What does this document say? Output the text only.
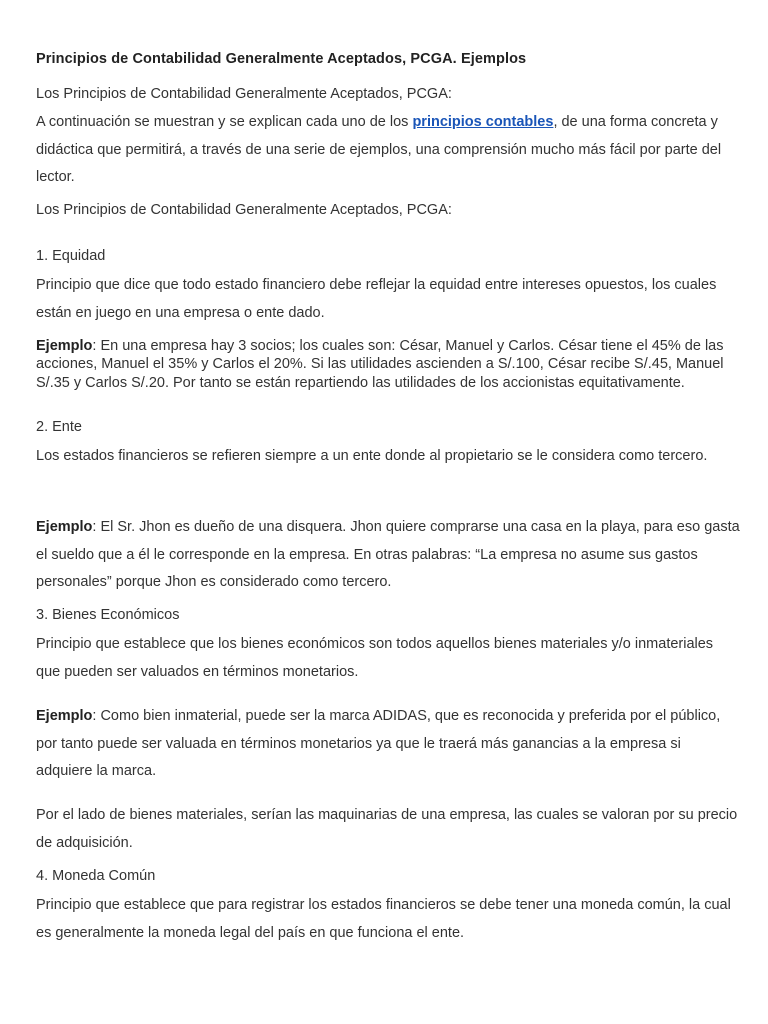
Principios de Contabilidad Generalmente Aceptados, PCGA. Ejemplos

Los Principios de Contabilidad Generalmente Aceptados, PCGA:

A continuación se muestran y se explican cada uno de los principios contables, de una forma concreta y didáctica que permitirá, a través de una serie de ejemplos, una comprensión mucho más fácil por parte del lector.

Los Principios de Contabilidad Generalmente Aceptados, PCGA:

1. Equidad

Principio que dice que todo estado financiero debe reflejar la equidad entre intereses opuestos, los cuales están en juego en una empresa o ente dado.

Ejemplo: En una empresa hay 3 socios; los cuales son: César, Manuel y Carlos. César tiene el 45% de las acciones, Manuel el 35% y Carlos el 20%. Si las utilidades ascienden a S/.100, César recibe S/.45, Manuel S/.35 y Carlos S/.20. Por tanto se están repartiendo las utilidades de los accionistas equitativamente.

2. Ente

Los estados financieros se refieren siempre a un ente donde al propietario se le considera como tercero.

Ejemplo: El Sr. Jhon es dueño de una disquera. Jhon quiere comprarse una casa en la playa, para eso gasta el sueldo que a él le corresponde en la empresa. En otras palabras: “La empresa no asume sus gastos personales” porque Jhon es considerado como tercero.

3. Bienes Económicos

Principio que establece que los bienes económicos son todos aquellos bienes materiales y/o inmateriales que pueden ser valuados en términos monetarios.

Ejemplo: Como bien inmaterial, puede ser la marca ADIDAS, que es reconocida y preferida por el público, por tanto puede ser valuada en términos monetarios ya que le traerá más ganancias a la empresa si adquiere la marca.

Por el lado de bienes materiales, serían las maquinarias de una empresa, las cuales se valoran por su precio de adquisición.

4. Moneda Común

Principio que establece que para registrar los estados financieros se debe tener una moneda común, la cual es generalmente la moneda legal del país en que funciona el ente.
